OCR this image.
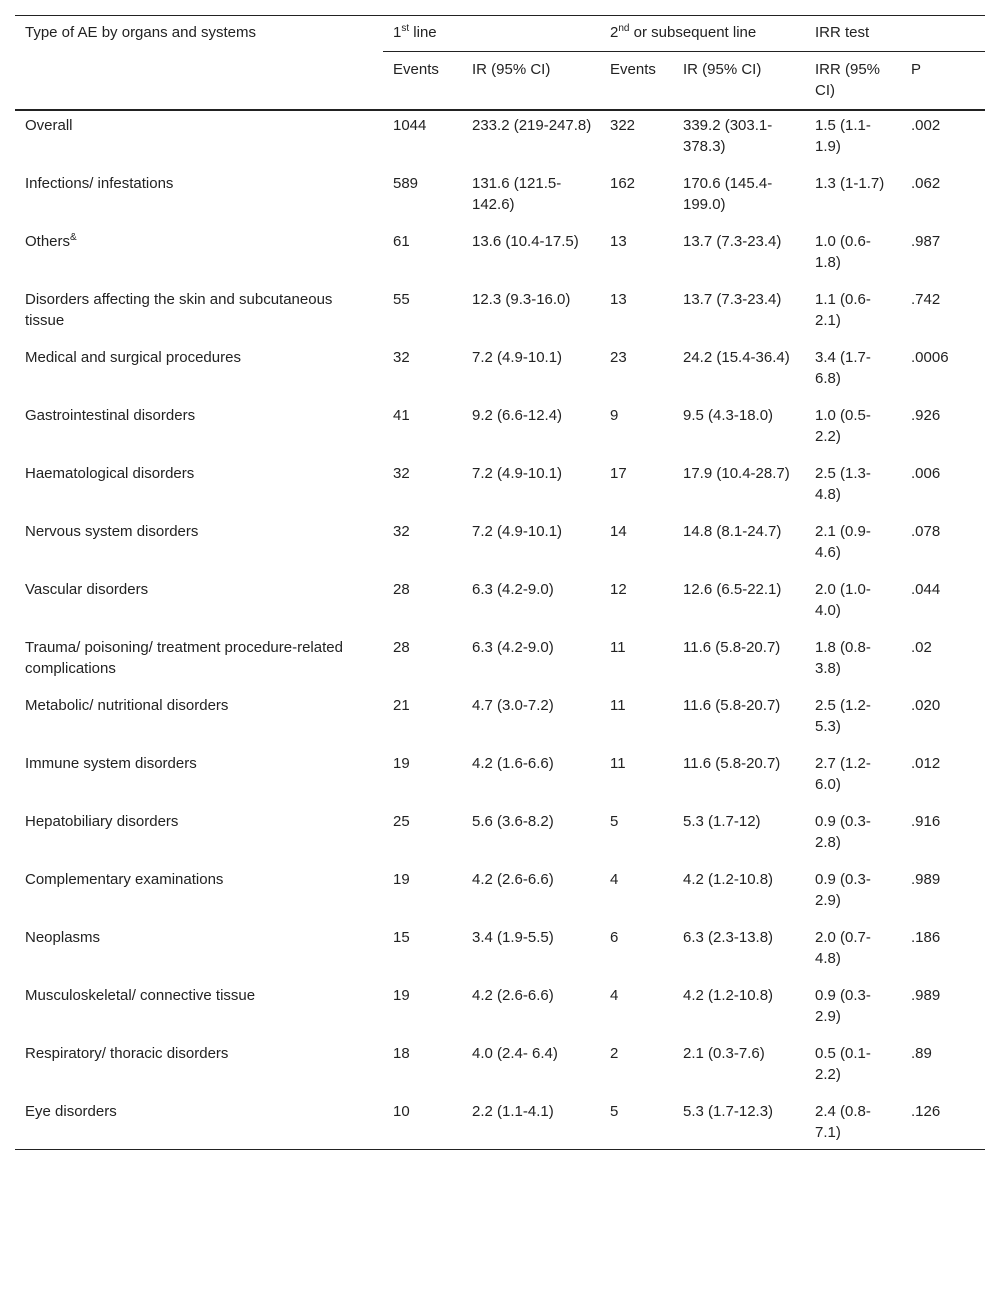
Type of AE by organs and systems	1st line		2nd or subsequent line		IRR test	
	Events	IR (95% CI)	Events	IR (95% CI)	IRR (95% CI)	P
Overall	1044	233.2 (219-247.8)	322	339.2 (303.1-378.3)	1.5 (1.1-1.9)	.002
Infections/ infestations	589	131.6 (121.5-142.6)	162	170.6 (145.4-199.0)	1.3 (1-1.7)	.062
Others&	61	13.6 (10.4-17.5)	13	13.7 (7.3-23.4)	1.0 (0.6-1.8)	.987
Disorders affecting the skin and subcutaneous tissue	55	12.3 (9.3-16.0)	13	13.7 (7.3-23.4)	1.1 (0.6-2.1)	.742
Medical and surgical procedures	32	7.2 (4.9-10.1)	23	24.2 (15.4-36.4)	3.4 (1.7-6.8)	.0006
Gastrointestinal disorders	41	9.2 (6.6-12.4)	9	9.5 (4.3-18.0)	1.0 (0.5-2.2)	.926
Haematological disorders	32	7.2 (4.9-10.1)	17	17.9 (10.4-28.7)	2.5 (1.3-4.8)	.006
Nervous system disorders	32	7.2 (4.9-10.1)	14	14.8 (8.1-24.7)	2.1 (0.9-4.6)	.078
Vascular disorders	28	6.3 (4.2-9.0)	12	12.6 (6.5-22.1)	2.0 (1.0-4.0)	.044
Trauma/ poisoning/ treatment procedure-related complications	28	6.3 (4.2-9.0)	11	11.6 (5.8-20.7)	1.8 (0.8-3.8)	.02
Metabolic/ nutritional disorders	21	4.7 (3.0-7.2)	11	11.6 (5.8-20.7)	2.5 (1.2-5.3)	.020
Immune system disorders	19	4.2 (1.6-6.6)	11	11.6 (5.8-20.7)	2.7 (1.2-6.0)	.012
Hepatobiliary disorders	25	5.6 (3.6-8.2)	5	5.3 (1.7-12)	0.9 (0.3-2.8)	.916
Complementary examinations	19	4.2 (2.6-6.6)	4	4.2 (1.2-10.8)	0.9 (0.3-2.9)	.989
Neoplasms	15	3.4 (1.9-5.5)	6	6.3 (2.3-13.8)	2.0 (0.7-4.8)	.186
Musculoskeletal/ connective tissue	19	4.2 (2.6-6.6)	4	4.2 (1.2-10.8)	0.9 (0.3-2.9)	.989
Respiratory/ thoracic disorders	18	4.0 (2.4- 6.4)	2	2.1 (0.3-7.6)	0.5 (0.1-2.2)	.89
Eye disorders	10	2.2 (1.1-4.1)	5	5.3 (1.7-12.3)	2.4 (0.8-7.1)	.126
